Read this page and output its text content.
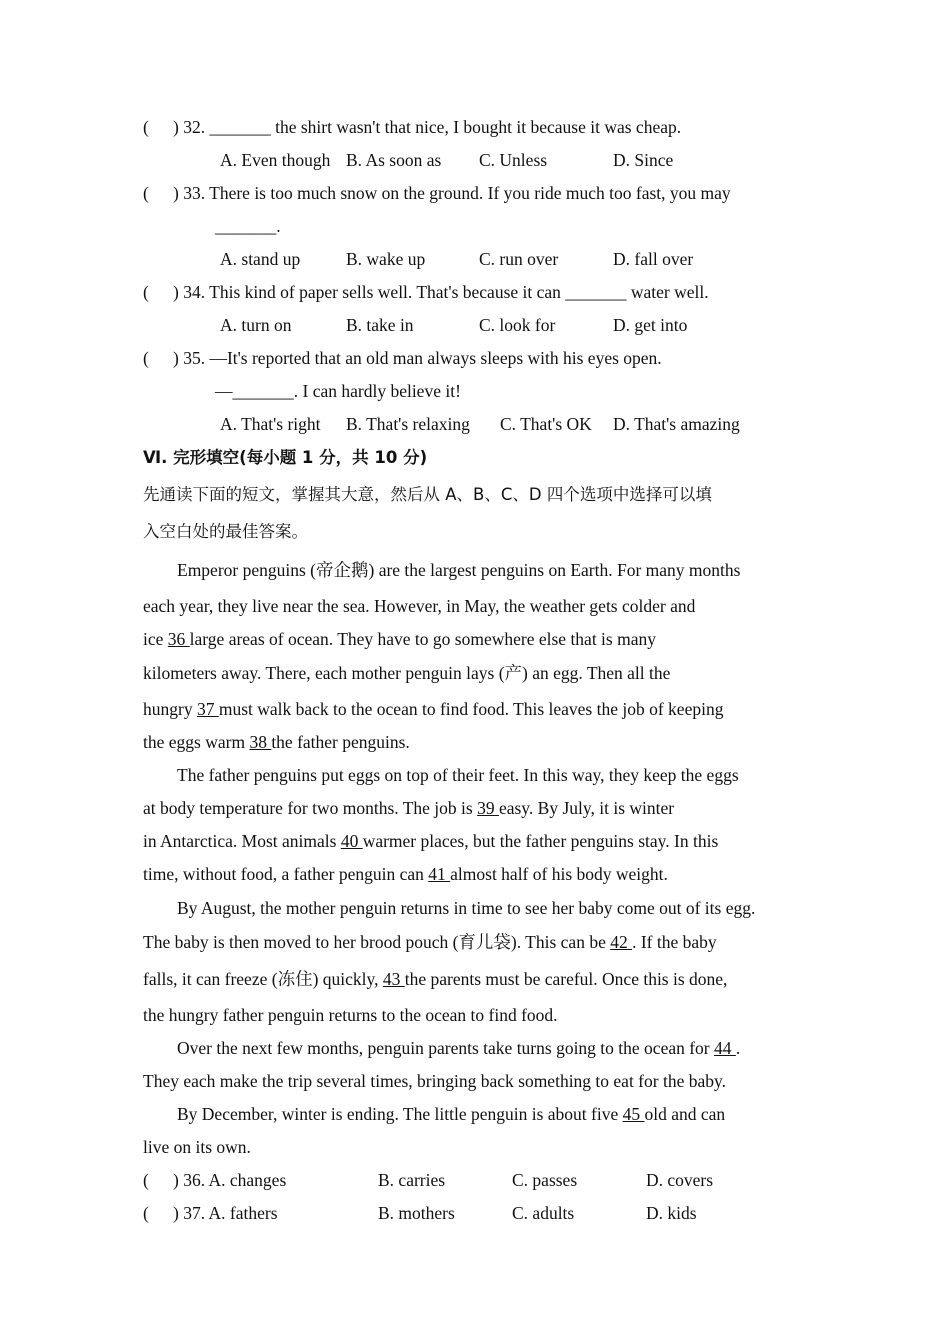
( ) 32. _______ the shirt wasn't that nice, I bought it because it was cheap.
A. Even though B. As soon as C. Unless	D. Since
( ) 33. There is too much snow on the ground. If you ride much too fast, you may
_______.
A. stand up	B. wake up	C. run over	D. fall over
( ) 34. This kind of paper sells well. That's because it can _______ water well.
A. turn on	B. take in	C. look for	D. get into
( ) 35. —It's reported that an old man always sleeps with his eyes open.
—_______. I can hardly believe it!
A. That's right B. That's relaxing C. That's OK D. That's amazing
Ⅵ. 完形填空(每小题 1 分，共 10 分)
先通读下面的短文，掌握其大意，然后从 A、B、C、D 四个选项中选择可以填
入空白处的最佳答案。
Emperor penguins (帝企鹅) are the largest penguins on Earth. For many months
each year, they live near the sea. However, in May, the weather gets colder and
ice 36 large areas of ocean. They have to go somewhere else that is many
kilometers away. There, each mother penguin lays (产) an egg. Then all the
hungry 37 must walk back to the ocean to find food. This leaves the job of keeping
the eggs warm 38 the father penguins.
The father penguins put eggs on top of their feet. In this way, they keep the eggs
at body temperature for two months. The job is 39 easy. By July, it is winter
in Antarctica. Most animals 40 warmer places, but the father penguins stay. In this
time, without food, a father penguin can 41 almost half of his body weight.
By August, the mother penguin returns in time to see her baby come out of its egg.
The baby is then moved to her brood pouch (育儿袋). This can be 42 . If the baby
falls, it can freeze (冻住) quickly, 43 the parents must be careful. Once this is done,
the hungry father penguin returns to the ocean to find food.
Over the next few months, penguin parents take turns going to the ocean for 44 .
They each make the trip several times, bringing back something to eat for the baby.
By December, winter is ending. The little penguin is about five 45 old and can
live on its own.
( ) 36. A. changes	B. carries	C. passes	D. covers
( ) 37. A. fathers	B. mothers	C. adults	D. kids
